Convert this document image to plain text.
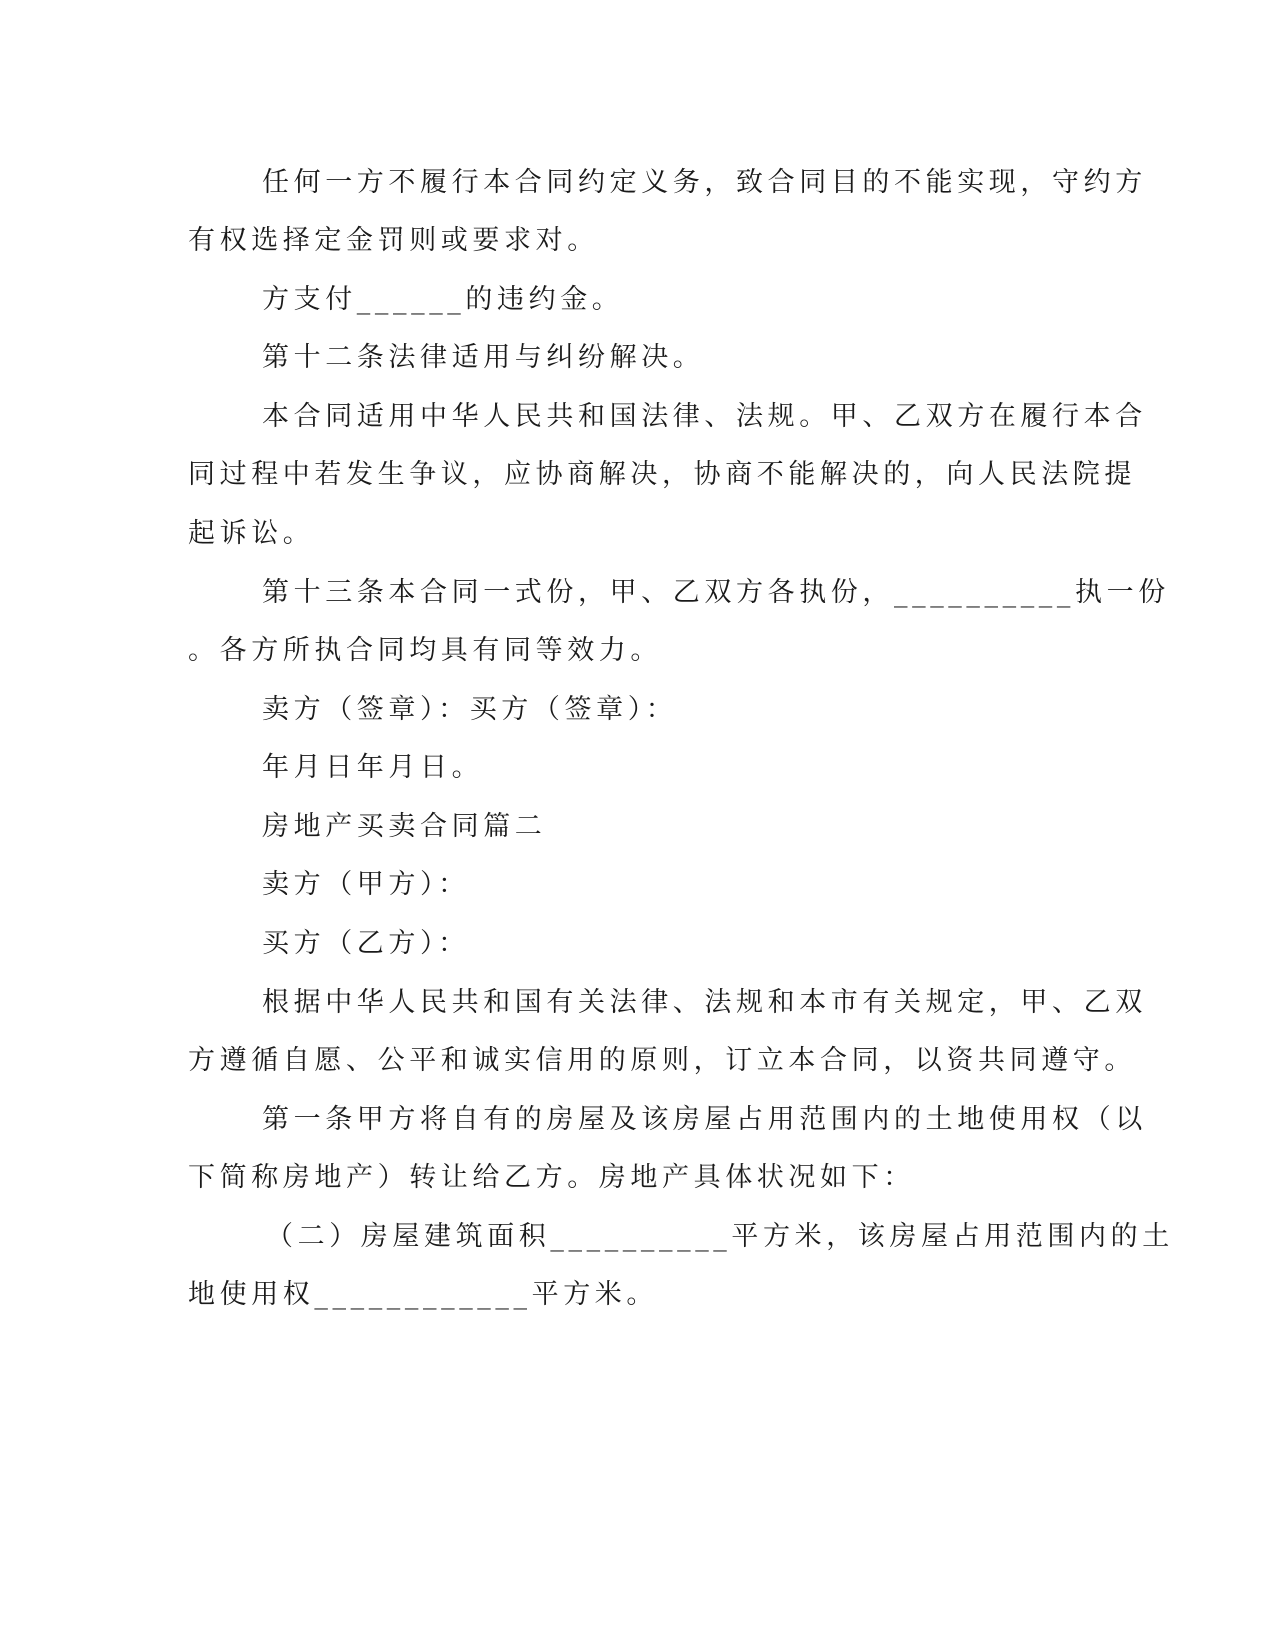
任何一方不履行本合同约定义务，致合同目的不能实现，守约方

有权选择定金罚则或要求对。

方支付______的违约金。

第十二条法律适用与纠纷解决。

本合同适用中华人民共和国法律、法规。甲、乙双方在履行本合

同过程中若发生争议，应协商解决，协商不能解决的，向人民法院提

起诉讼。

第十三条本合同一式份，甲、乙双方各执份，__________执一份

。各方所执合同均具有同等效力。

卖方（签章）：买方（签章）：

年月日年月日。

房地产买卖合同篇二

卖方（甲方）：

买方（乙方）：

根据中华人民共和国有关法律、法规和本市有关规定，甲、乙双

方遵循自愿、公平和诚实信用的原则，订立本合同，以资共同遵守。

第一条甲方将自有的房屋及该房屋占用范围内的土地使用权（以

下简称房地产）转让给乙方。房地产具体状况如下：

（二）房屋建筑面积__________平方米，该房屋占用范围内的土

地使用权____________平方米。
